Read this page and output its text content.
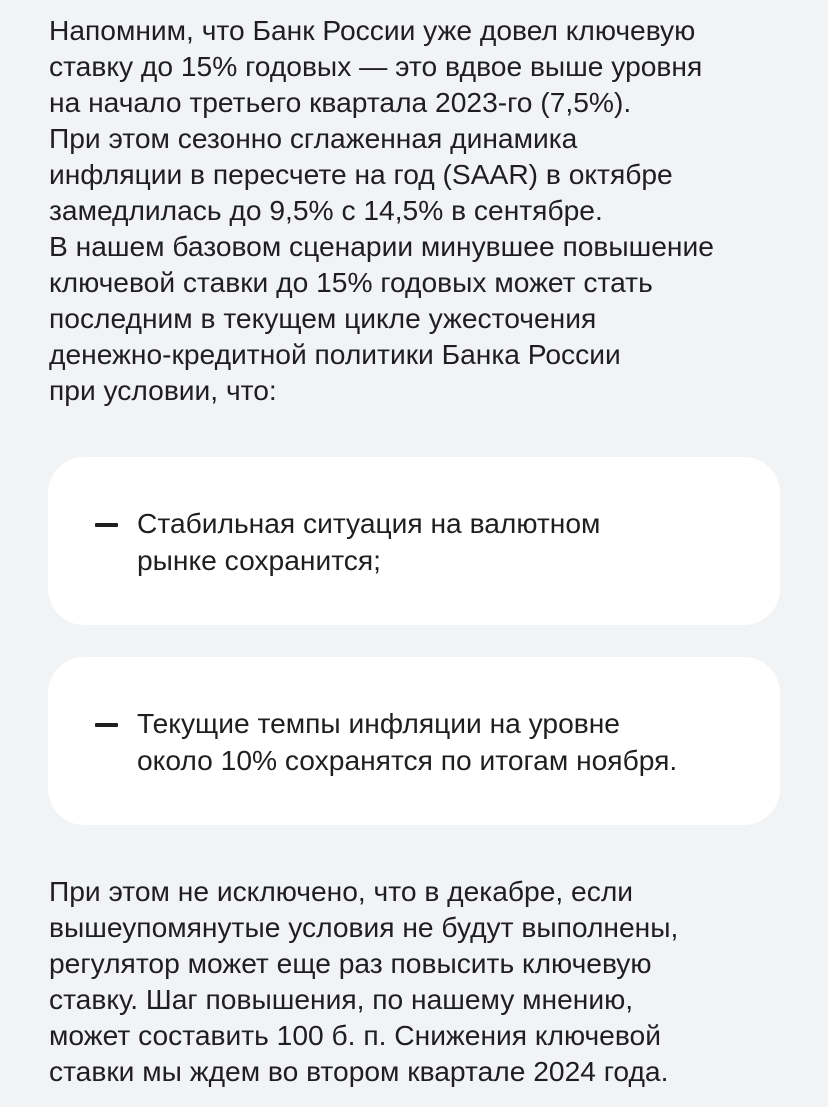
Напомним, что Банк России уже довел ключевую
ставку до 15% годовых — это вдвое выше уровня
на начало третьего квартала 2023-го (7,5%).
При этом сезонно сглаженная динамика
инфляции в пересчете на год (SAAR) в октябре
замедлилась до 9,5% с 14,5% в сентябре.
В нашем базовом сценарии минувшее повышение
ключевой ставки до 15% годовых может стать
последним в текущем цикле ужесточения
денежно-кредитной политики Банка России
при условии, что:

Стабильная ситуация на валютном
рынке сохранится;

Текущие темпы инфляции на уровне
около 10% сохранятся по итогам ноября.

При этом не исключено, что в декабре, если
вышеупомянутые условия не будут выполнены,
регулятор может еще раз повысить ключевую
ставку. Шаг повышения, по нашему мнению,
может составить 100 б. п. Снижения ключевой
ставки мы ждем во втором квартале 2024 года.
